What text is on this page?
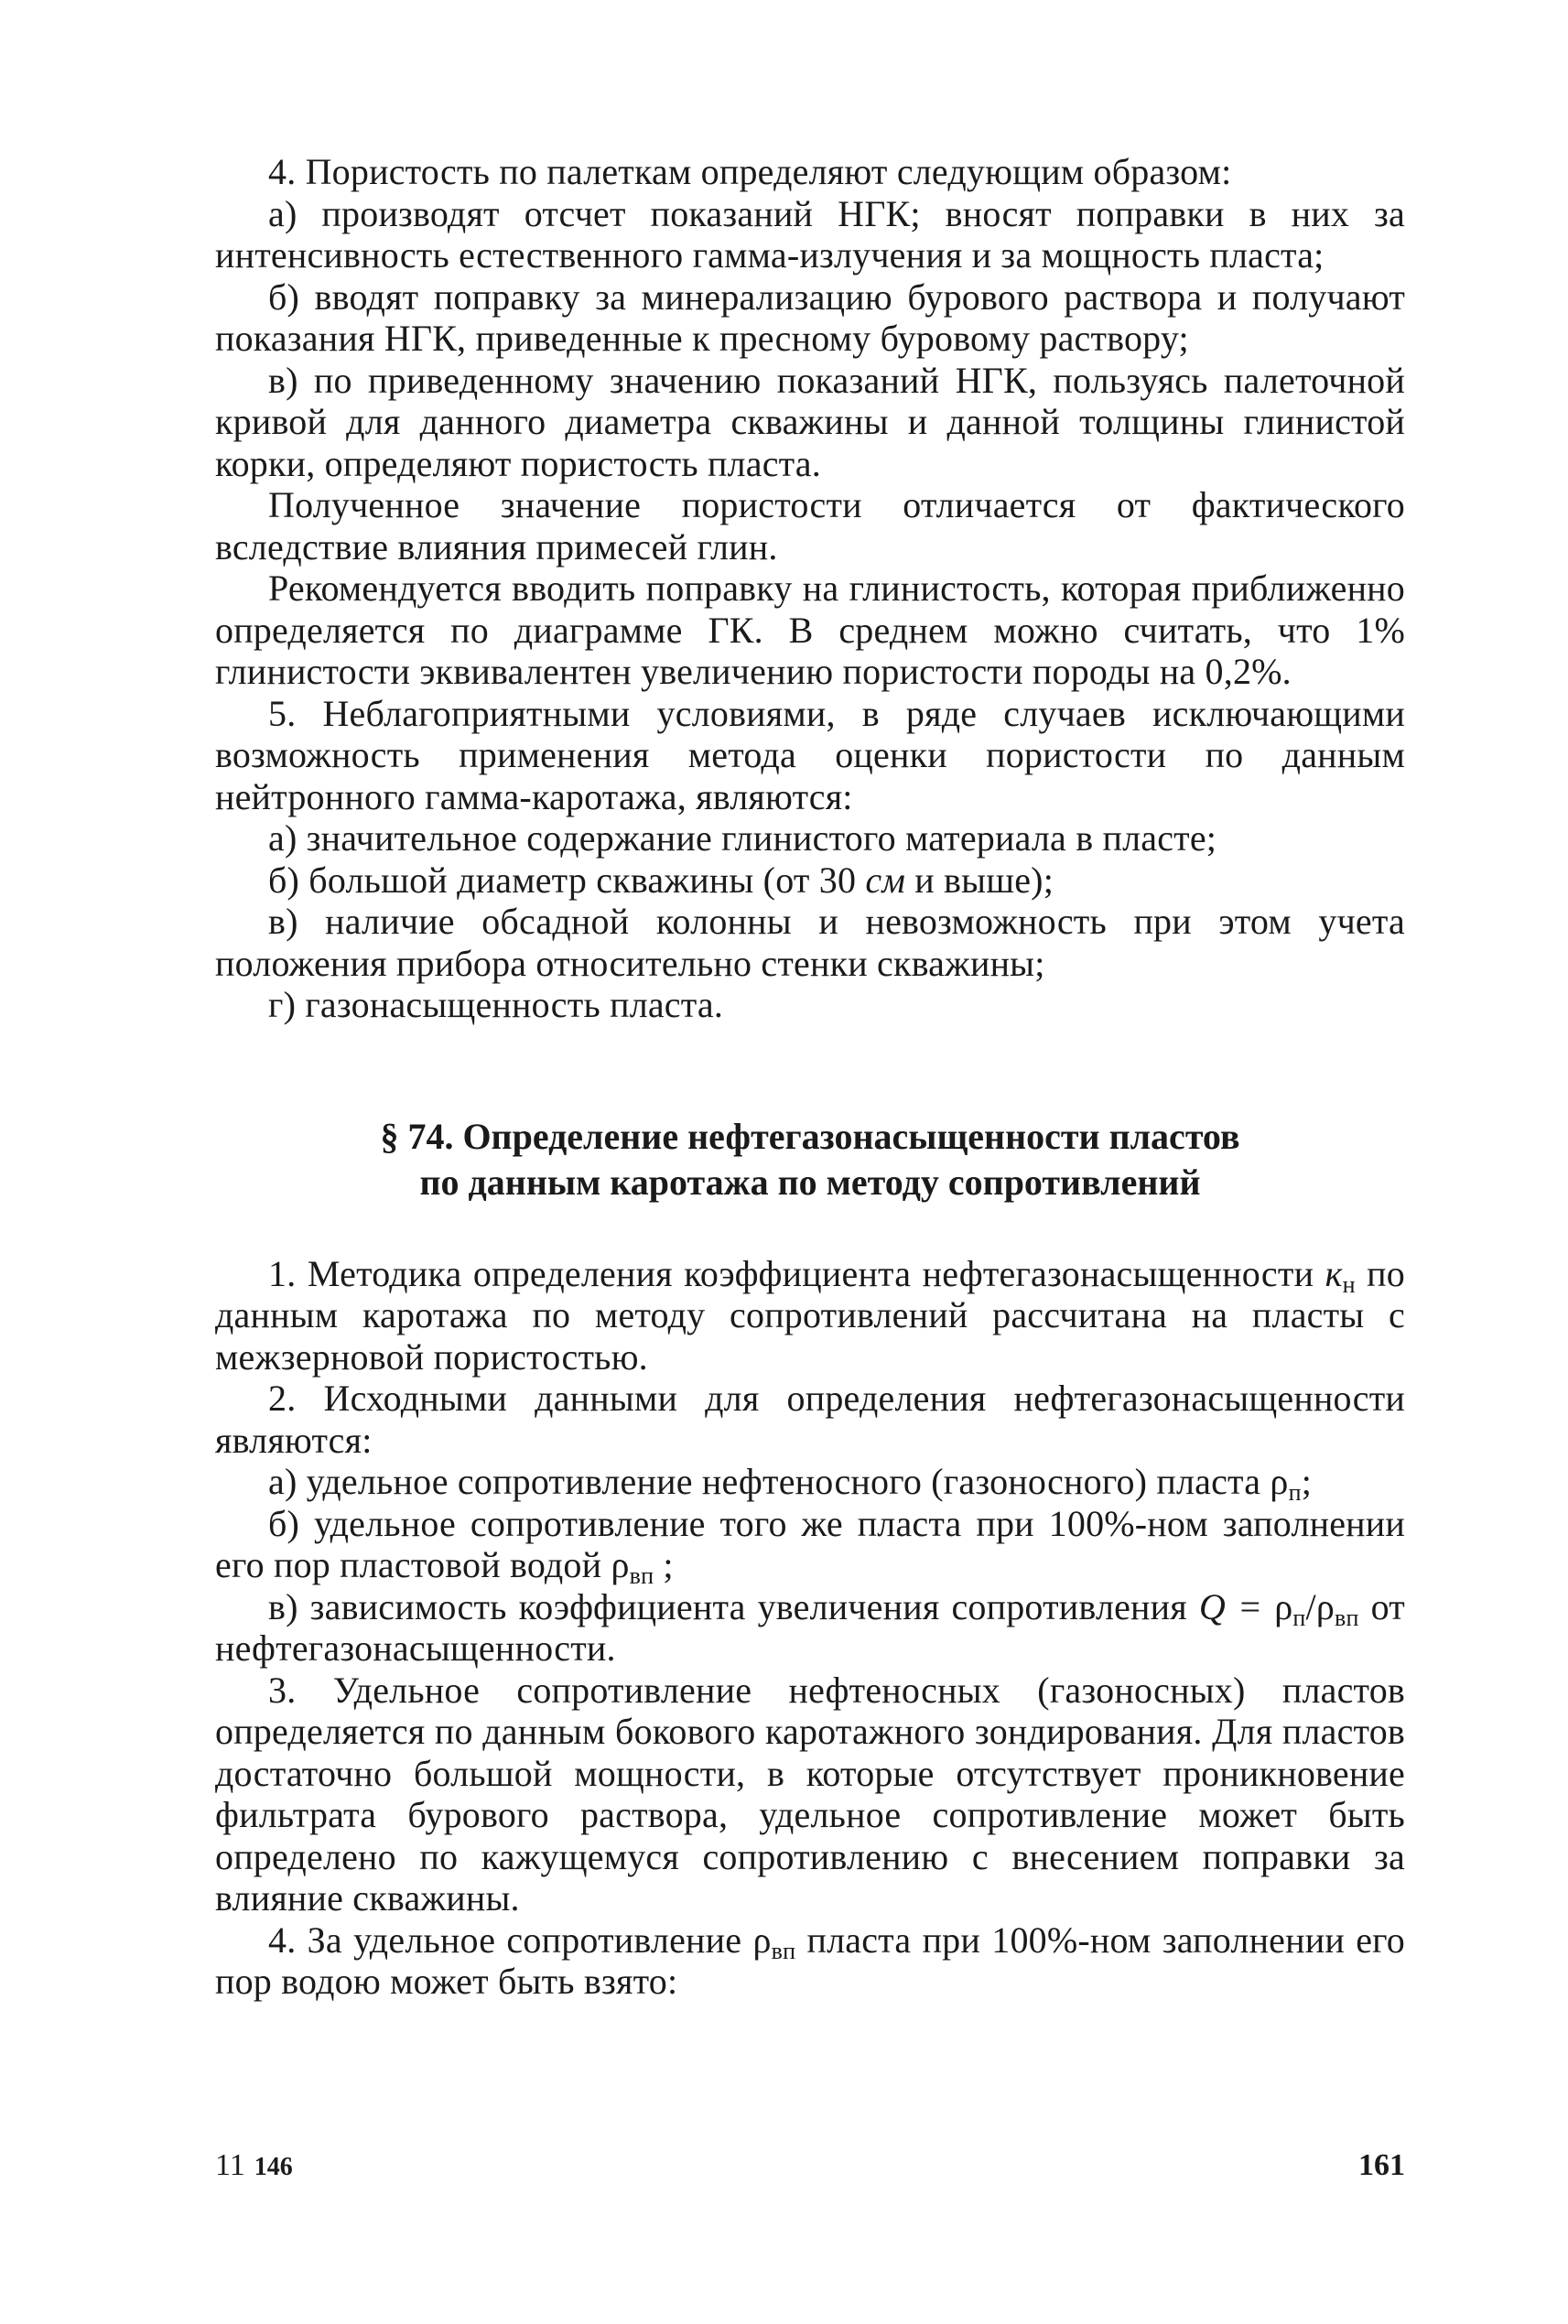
4. Пористость по палеткам определяют следующим образом:

а) производят отсчет показаний НГК; вносят поправки в них за интенсивность естественного гамма-излучения и за мощность пласта;

б) вводят поправку за минерализацию бурового раствора и получают показания НГК, приведенные к пресному буровому раствору;

в) по приведенному значению показаний НГК, пользуясь палеточной кривой для данного диаметра скважины и данной толщины глинистой корки, определяют пористость пласта.

Полученное значение пористости отличается от фактического вследствие влияния примесей глин.

Рекомендуется вводить поправку на глинистость, которая приближенно определяется по диаграмме ГК. В среднем можно считать, что 1% глинистости эквивалентен увеличению пористости породы на 0,2%.

5. Неблагоприятными условиями, в ряде случаев исключающими возможность применения метода оценки пористости по данным нейтронного гамма-каротажа, являются:

а) значительное содержание глинистого материала в пласте;

б) большой диаметр скважины (от 30 см и выше);

в) наличие обсадной колонны и невозможность при этом учета положения прибора относительно стенки скважины;

г) газонасыщенность пласта.

§ 74. Определение нефтегазонасыщенности пластов

по данным каротажа по методу сопротивлений

1. Методика определения коэффициента нефтегазонасыщенности $к_н$ по данным каротажа по методу сопротивлений рассчитана на пласты с межзерновой пористостью.

2. Исходными данными для определения нефтегазонасыщенности являются:

а) удельное сопротивление нефтеносного (газоносного) пласта $\rho_п$;

б) удельное сопротивление того же пласта при 100%-ном заполнении его пор пластовой водой $\rho_{вп}$ ;

в) зависимость коэффициента увеличения сопротивления $Q = \rho_п/\rho_{вп}$ от нефтегазонасыщенности.

3. Удельное сопротивление нефтеносных (газоносных) пластов определяется по данным бокового каротажного зондирования. Для пластов достаточно большой мощности, в которые отсутствует проникновение фильтрата бурового раствора, удельное сопротивление может быть определено по кажущемуся сопротивлению с внесением поправки за влияние скважины.

4. За удельное сопротивление $\rho_{вп}$ пласта при 100%-ном заполнении его пор водою может быть взято:

11 146	161
